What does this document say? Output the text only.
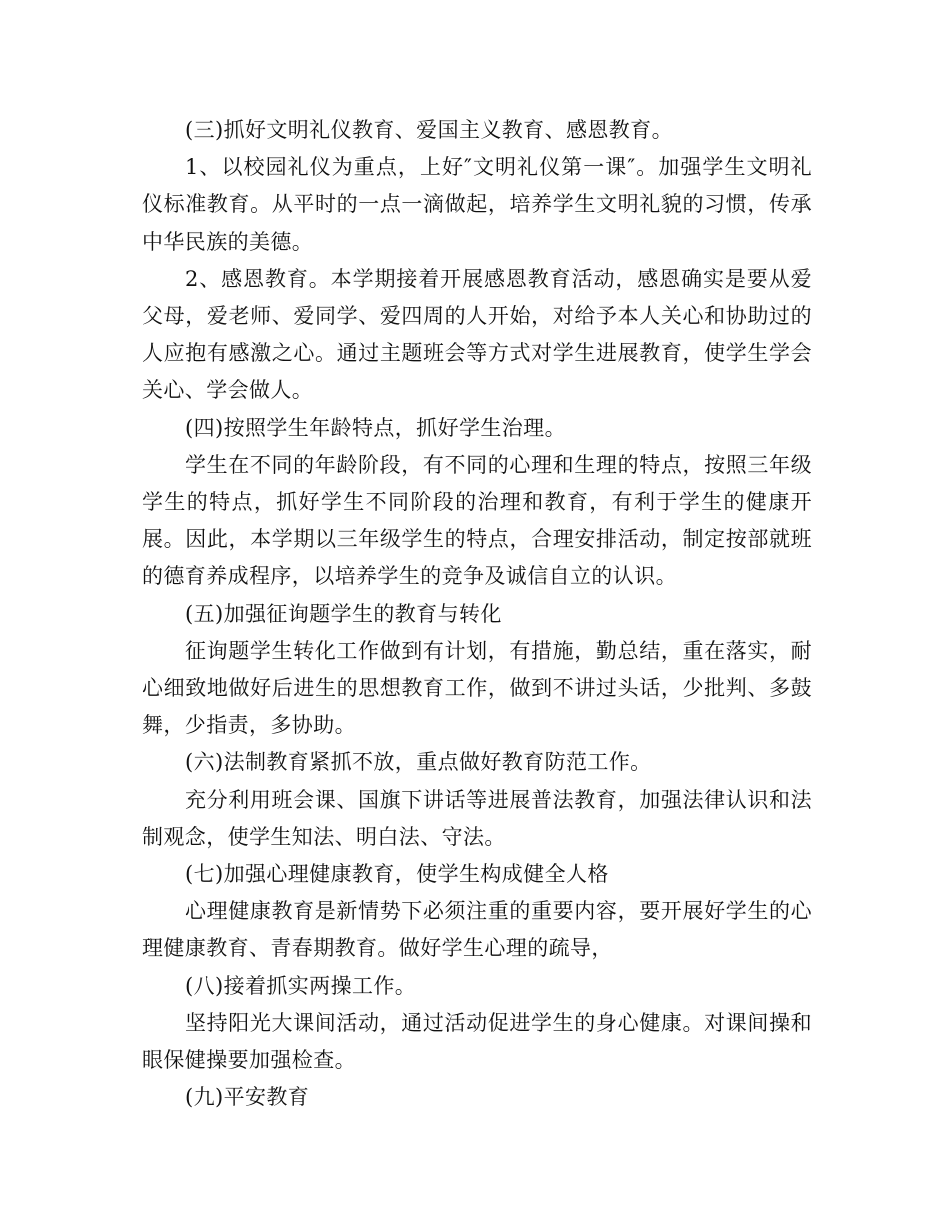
(三)抓好文明礼仪教育、爱国主义教育、感恩教育。

1、以校园礼仪为重点，上好″文明礼仪第一课″。加强学生文明礼仪标准教育。从平时的一点一滴做起，培养学生文明礼貌的习惯，传承中华民族的美德。

2、感恩教育。本学期接着开展感恩教育活动，感恩确实是要从爱父母，爱老师、爱同学、爱四周的人开始，对给予本人关心和协助过的人应抱有感激之心。通过主题班会等方式对学生进展教育，使学生学会关心、学会做人。

(四)按照学生年龄特点，抓好学生治理。

学生在不同的年龄阶段，有不同的心理和生理的特点，按照三年级学生的特点，抓好学生不同阶段的治理和教育，有利于学生的健康开展。因此，本学期以三年级学生的特点，合理安排活动，制定按部就班的德育养成程序，以培养学生的竞争及诚信自立的认识。

(五)加强征询题学生的教育与转化

征询题学生转化工作做到有计划，有措施，勤总结，重在落实，耐心细致地做好后进生的思想教育工作，做到不讲过头话，少批判、多鼓舞，少指责，多协助。

(六)法制教育紧抓不放，重点做好教育防范工作。

充分利用班会课、国旗下讲话等进展普法教育，加强法律认识和法制观念，使学生知法、明白法、守法。

(七)加强心理健康教育，使学生构成健全人格

心理健康教育是新情势下必须注重的重要内容，要开展好学生的心理健康教育、青春期教育。做好学生心理的疏导，

(八)接着抓实两操工作。

坚持阳光大课间活动，通过活动促进学生的身心健康。对课间操和眼保健操要加强检查。

(九)平安教育
